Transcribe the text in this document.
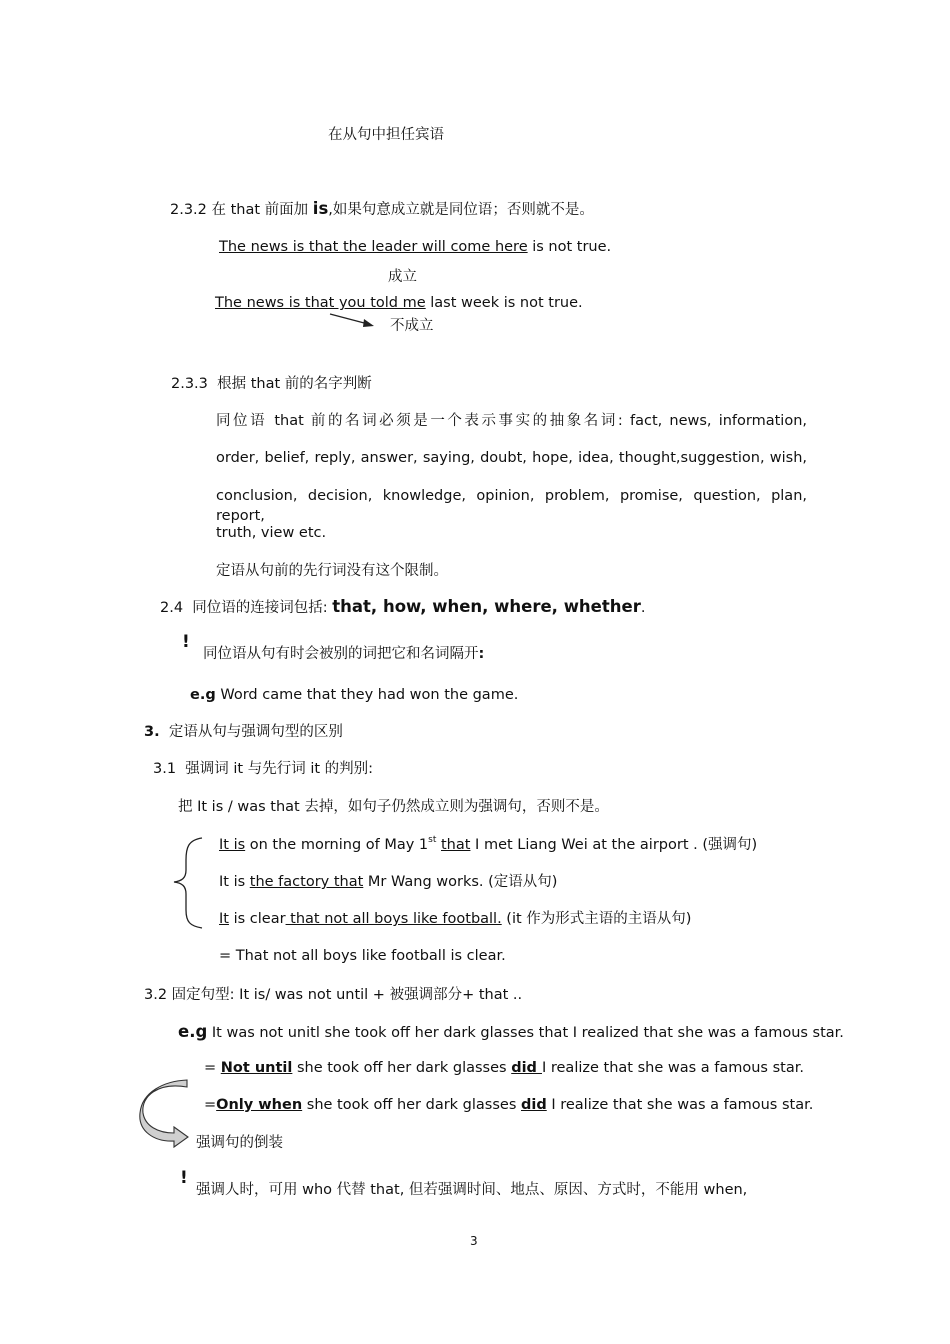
在从句中担任宾语
2.3.2 在 that 前面加 is,如果句意成立就是同位语；否则就不是。
The news is that the leader will come here is not true.
成立
The news is that you told me last week is not true.
不成立
2.3.3 根据 that 前的名字判断
同位语 that 前的名词必须是一个表示事实的抽象名词: fact, news, information,
order, belief, reply, answer, saying, doubt, hope, idea, thought,suggestion, wish,
conclusion, decision, knowledge, opinion, problem, promise, question, plan, report,
truth, view etc.
定语从句前的先行词没有这个限制。
2.4 同位语的连接词包括: that, how, when, where, whether.
!
同位语从句有时会被别的词把它和名词隔开:
e.g Word came that they had won the game.
3. 定语从句与强调句型的区别
3.1 强调词 it 与先行词 it 的判别:
把 It is / was that 去掉，如句子仍然成立则为强调句，否则不是。
It is on the morning of May 1st that I met Liang Wei at the airport . (强调句)
It is the factory that Mr Wang works. (定语从句)
It is clear that not all boys like football. (it 作为形式主语的主语从句)
= That not all boys like football is clear.
3.2 固定句型: It is/ was not until + 被强调部分+ that ..
e.g It was not unitl she took off her dark glasses that I realized that she was a famous star.
= Not until she took off her dark glasses did I realize that she was a famous star.
=Only when she took off her dark glasses did I realize that she was a famous star.
强调句的倒装
!
强调人时，可用 who 代替 that, 但若强调时间、地点、原因、方式时，不能用 when,
3
